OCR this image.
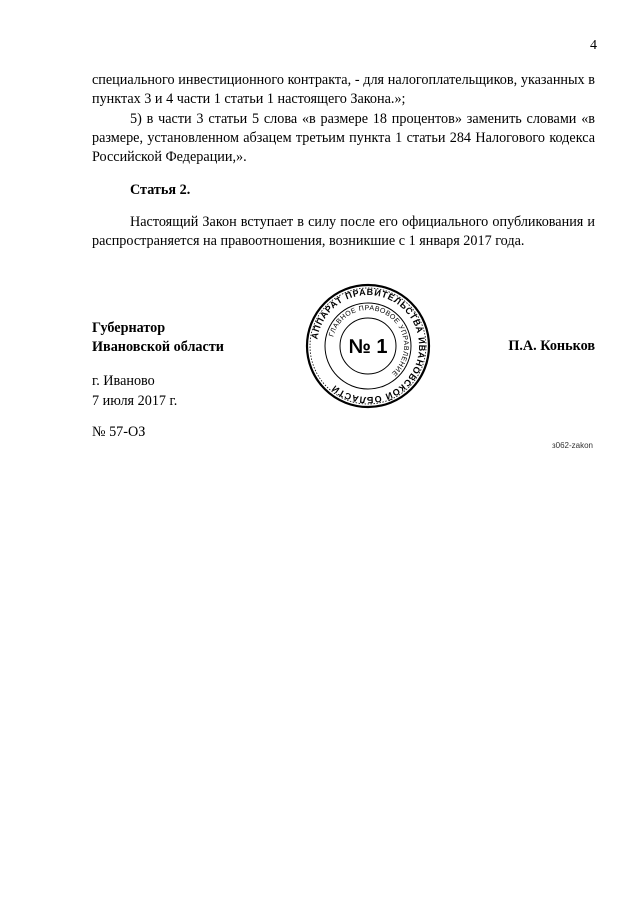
4

специального инвестиционного контракта, - для налогоплательщиков, указанных в пунктах 3 и 4 части 1 статьи 1 настоящего Закона.»;

5) в части 3 статьи 5 слова «в размере 18 процентов» заменить словами «в размере, установленном абзацем третьим пункта 1 статьи 284 Налогового кодекса Российской Федерации,».

Статья 2.

Настоящий Закон вступает в силу после его официального опубликования и распространяется на правоотношения, возникшие с 1 января 2017 года.

Губернатор
Ивановской области
АППАРАТ ПРАВИТЕЛЬСТВА ИВАНОВСКОЙ ОБЛАСТИ
ГЛАВНОЕ ПРАВОВОЕ УПРАВЛЕНИЕ
№ 1	П.А. Коньков
г. Иваново
7 июля 2017 г.
№ 57-ОЗ
з062-zakon
